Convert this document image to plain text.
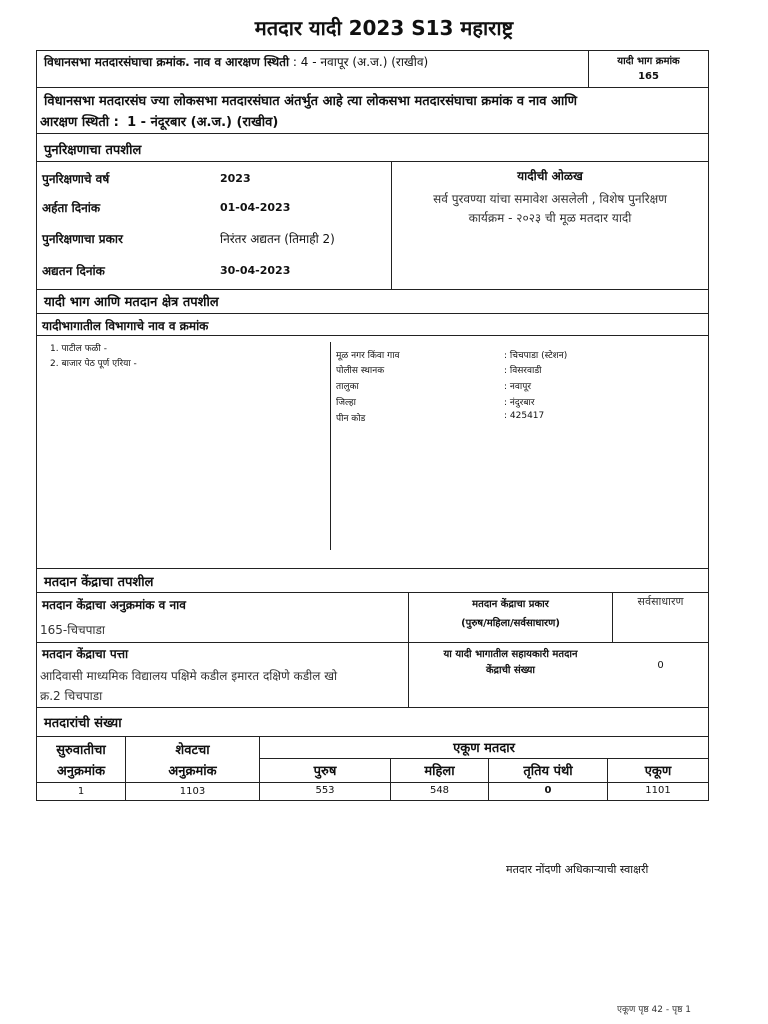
मतदार यादी 2023 S13 महाराष्ट्र
विधानसभा मतदारसंघाचा क्रमांक. नाव व आरक्षण स्थिती : 4 - नवापूर (अ.ज.) (राखीव)	यादी भाग क्रमांक
165
विधानसभा मतदारसंघ ज्या लोकसभा मतदारसंघात अंतर्भुत आहे त्या लोकसभा मतदारसंघाचा क्रमांक व नाव आणि
आरक्षण स्थिती : 1 - नंदूरबार (अ.ज.) (राखीव)
पुनरिक्षणाचा तपशील
पुनरिक्षणाचे वर्ष	2023
अर्हता दिनांक	01-04-2023
पुनरिक्षणाचा प्रकार	निरंतर अद्यतन (तिमाही 2)
अद्यतन दिनांक	30-04-2023
यादीची ओळख
सर्व पुरवण्या यांचा समावेश असलेली , विशेष पुनरिक्षण
कार्यक्रम - २०२३ ची मूळ मतदार यादी
यादी भाग आणि मतदान क्षेत्र तपशील
यादीभागातील विभागाचे नाव व क्रमांक
1. पाटील फळी -
2. बाजार पेठ पूर्ण एरिया -
मूळ नगर किंवा गाव	: चिचपाडा (स्टेशन)
पोलीस स्थानक	: विसरवाडी
तालुका	: नवापूर
जिल्हा	: नंदुरबार
पीन कोड	: 425417
मतदान केंद्राचा तपशील
मतदान केंद्राचा अनुक्रमांक व नाव
165-चिचपाडा
मतदान केंद्राचा प्रकार
(पुरुष/महिला/सर्वसाधारण)
सर्वसाधारण
मतदान केंद्राचा पत्ता
आदिवासी माध्यमिक विद्यालय पक्षिमे कडील इमारत दक्षिणे कडील खो
क्र.2 चिचपाडा
या यादी भागातील सहायकारी मतदान
केंद्राची संख्या	0
मतदारांची संख्या
सुरुवातीचा
अनुक्रमांक
शेवटचा
अनुक्रमांक
एकूण मतदार
पुरुष	महिला	तृतिय पंथी	एकूण
1	1103	553	548	0	1101
मतदार नोंदणी अधिकाऱ्याची स्वाक्षरी
एकूण पृष्ठ 42 - पृष्ठ 1
